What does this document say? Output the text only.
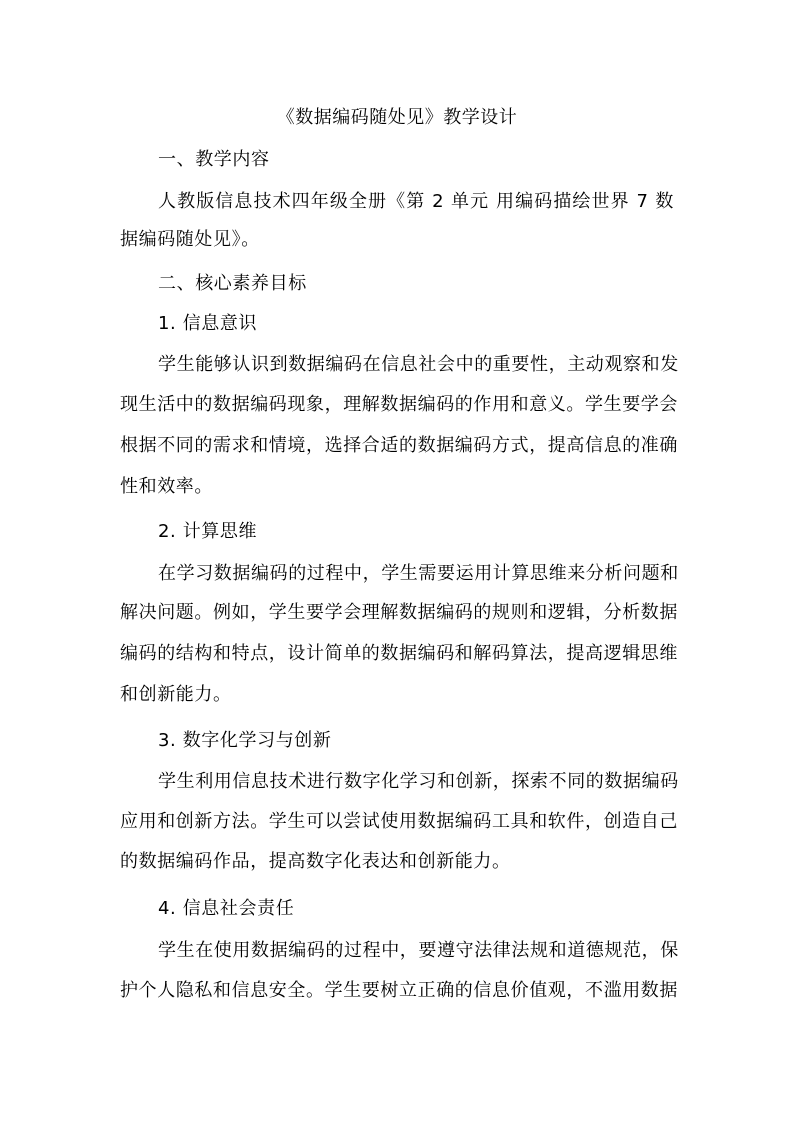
《数据编码随处见》教学设计
一、教学内容
人教版信息技术四年级全册《第 2 单元 用编码描绘世界 7 数
据编码随处见》。
二、核心素养目标
1. 信息意识
学生能够认识到数据编码在信息社会中的重要性，主动观察和发
现生活中的数据编码现象，理解数据编码的作用和意义。学生要学会
根据不同的需求和情境，选择合适的数据编码方式，提高信息的准确
性和效率。
2. 计算思维
在学习数据编码的过程中，学生需要运用计算思维来分析问题和
解决问题。例如，学生要学会理解数据编码的规则和逻辑，分析数据
编码的结构和特点，设计简单的数据编码和解码算法，提高逻辑思维
和创新能力。
3. 数字化学习与创新
学生利用信息技术进行数字化学习和创新，探索不同的数据编码
应用和创新方法。学生可以尝试使用数据编码工具和软件，创造自己
的数据编码作品，提高数字化表达和创新能力。
4. 信息社会责任
学生在使用数据编码的过程中，要遵守法律法规和道德规范，保
护个人隐私和信息安全。学生要树立正确的信息价值观，不滥用数据
